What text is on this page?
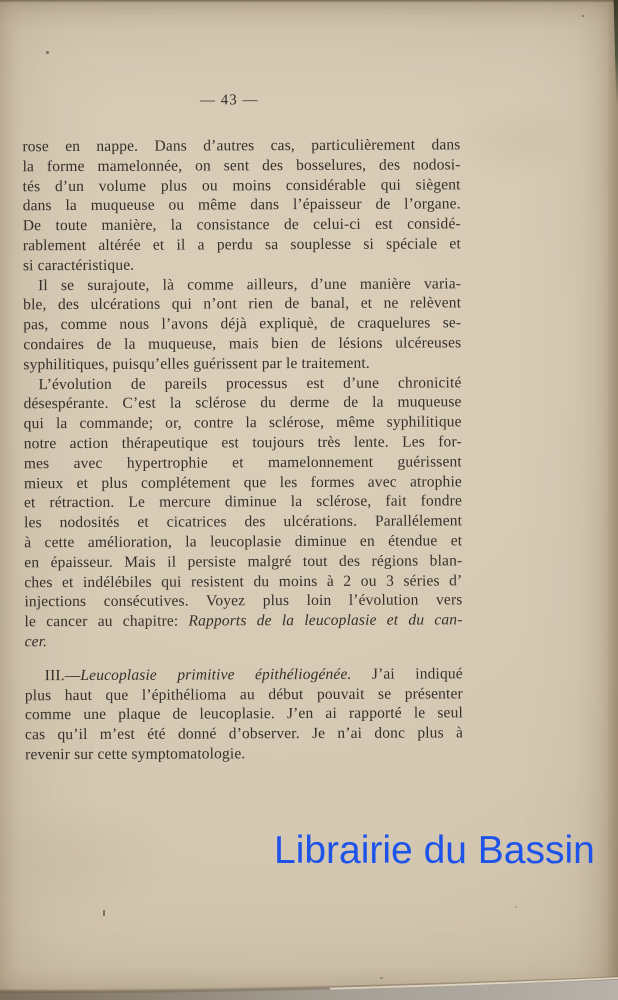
— 43 —
rose en nappe. Dans d’autres cas, particulièrement dans
la forme mamelonnée, on sent des bosselures, des nodosi-
tés d’un volume plus ou moins considérable qui siègent
dans la muqueuse ou même dans l’épaisseur de l’organe.
De toute manière, la consistance de celui-ci est considé-
rablement altérée et il a perdu sa souplesse si spéciale et
si caractéristique.
Il se surajoute, là comme ailleurs, d’une manière varia-
ble, des ulcérations qui n’ont rien de banal, et ne relèvent
pas, comme nous l’avons déjà expliquè, de craquelures se-
condaires de la muqueuse, mais bien de lésions ulcéreuses
syphilitiques, puisqu’elles guérissent par le traitement.
L’évolution de pareils processus est d’une chronicité
désespérante. C’est la sclérose du derme de la muqueuse
qui la commande; or, contre la sclérose, même syphilitique
notre action thérapeutique est toujours très lente. Les for-
mes avec hypertrophie et mamelonnement guérissent
mieux et plus complétement que les formes avec atrophie
et rétraction. Le mercure diminue la sclérose, fait fondre
les nodosités et cicatrices des ulcérations. Parallélement
à cette amélioration, la leucoplasie diminue en étendue et
en épaisseur. Mais il persiste malgré tout des régions blan-
ches et indélébiles qui resistent du moins à 2 ou 3 séries d’
injections consécutives. Voyez plus loin l’évolution vers
le cancer au chapitre: Rapports de la leucoplasie et du can-
cer.
III.—Leucoplasie primitive épithéliogénée. J’ai indiqué
plus haut que l’épithélioma au début pouvait se présenter
comme une plaque de leucoplasie. J’en ai rapporté le seul
cas qu’il m’est été donné d’observer. Je n’ai donc plus à
revenir sur cette symptomatologie.
Librairie du Bassin
